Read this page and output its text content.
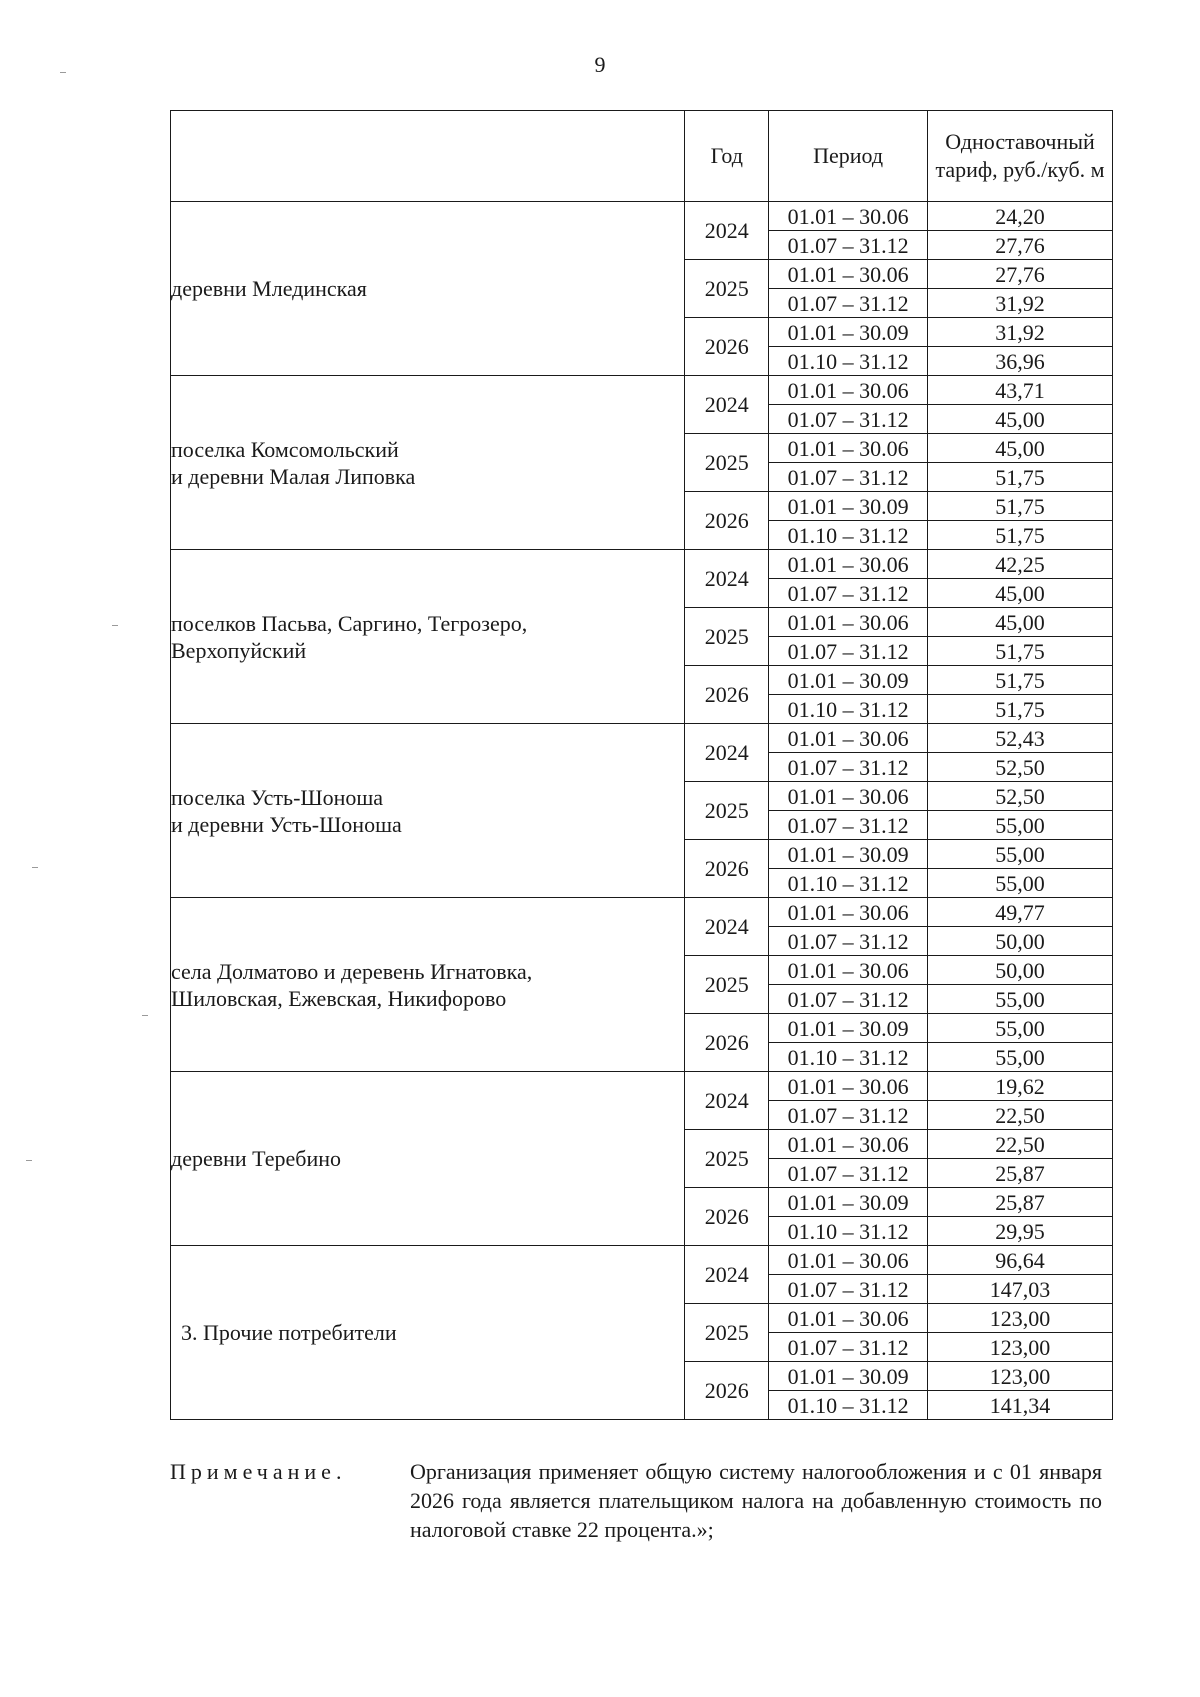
9
	Год	Период	Одноставочный тариф, руб./куб. м
деревни Млединская	2024	01.01 – 30.06	24,20
		01.07 – 31.12	27,76
	2025	01.01 – 30.06	27,76
		01.07 – 31.12	31,92
	2026	01.01 – 30.09	31,92
		01.10 – 31.12	36,96
поселка Комсомольский
и деревни Малая Липовка	2024	01.01 – 30.06	43,71
		01.07 – 31.12	45,00
	2025	01.01 – 30.06	45,00
		01.07 – 31.12	51,75
	2026	01.01 – 30.09	51,75
		01.10 – 31.12	51,75
поселков Пасьва, Саргино, Тегрозеро,
Верхопуйский	2024	01.01 – 30.06	42,25
		01.07 – 31.12	45,00
	2025	01.01 – 30.06	45,00
		01.07 – 31.12	51,75
	2026	01.01 – 30.09	51,75
		01.10 – 31.12	51,75
поселка Усть-Шоноша
и деревни Усть-Шоноша	2024	01.01 – 30.06	52,43
		01.07 – 31.12	52,50
	2025	01.01 – 30.06	52,50
		01.07 – 31.12	55,00
	2026	01.01 – 30.09	55,00
		01.10 – 31.12	55,00
села Долматово и деревень Игнатовка,
Шиловская, Ежевская, Никифорово	2024	01.01 – 30.06	49,77
		01.07 – 31.12	50,00
	2025	01.01 – 30.06	50,00
		01.07 – 31.12	55,00
	2026	01.01 – 30.09	55,00
		01.10 – 31.12	55,00
деревни Теребино	2024	01.01 – 30.06	19,62
		01.07 – 31.12	22,50
	2025	01.01 – 30.06	22,50
		01.07 – 31.12	25,87
	2026	01.01 – 30.09	25,87
		01.10 – 31.12	29,95
3. Прочие потребители	2024	01.01 – 30.06	96,64
		01.07 – 31.12	147,03
	2025	01.01 – 30.06	123,00
		01.07 – 31.12	123,00
	2026	01.01 – 30.09	123,00
		01.10 – 31.12	141,34
Примечание.	Организация применяет общую систему налогообложения и с 01 января 2026 года является плательщиком налога на добавленную стоимость по налоговой ставке 22 процента.»;
